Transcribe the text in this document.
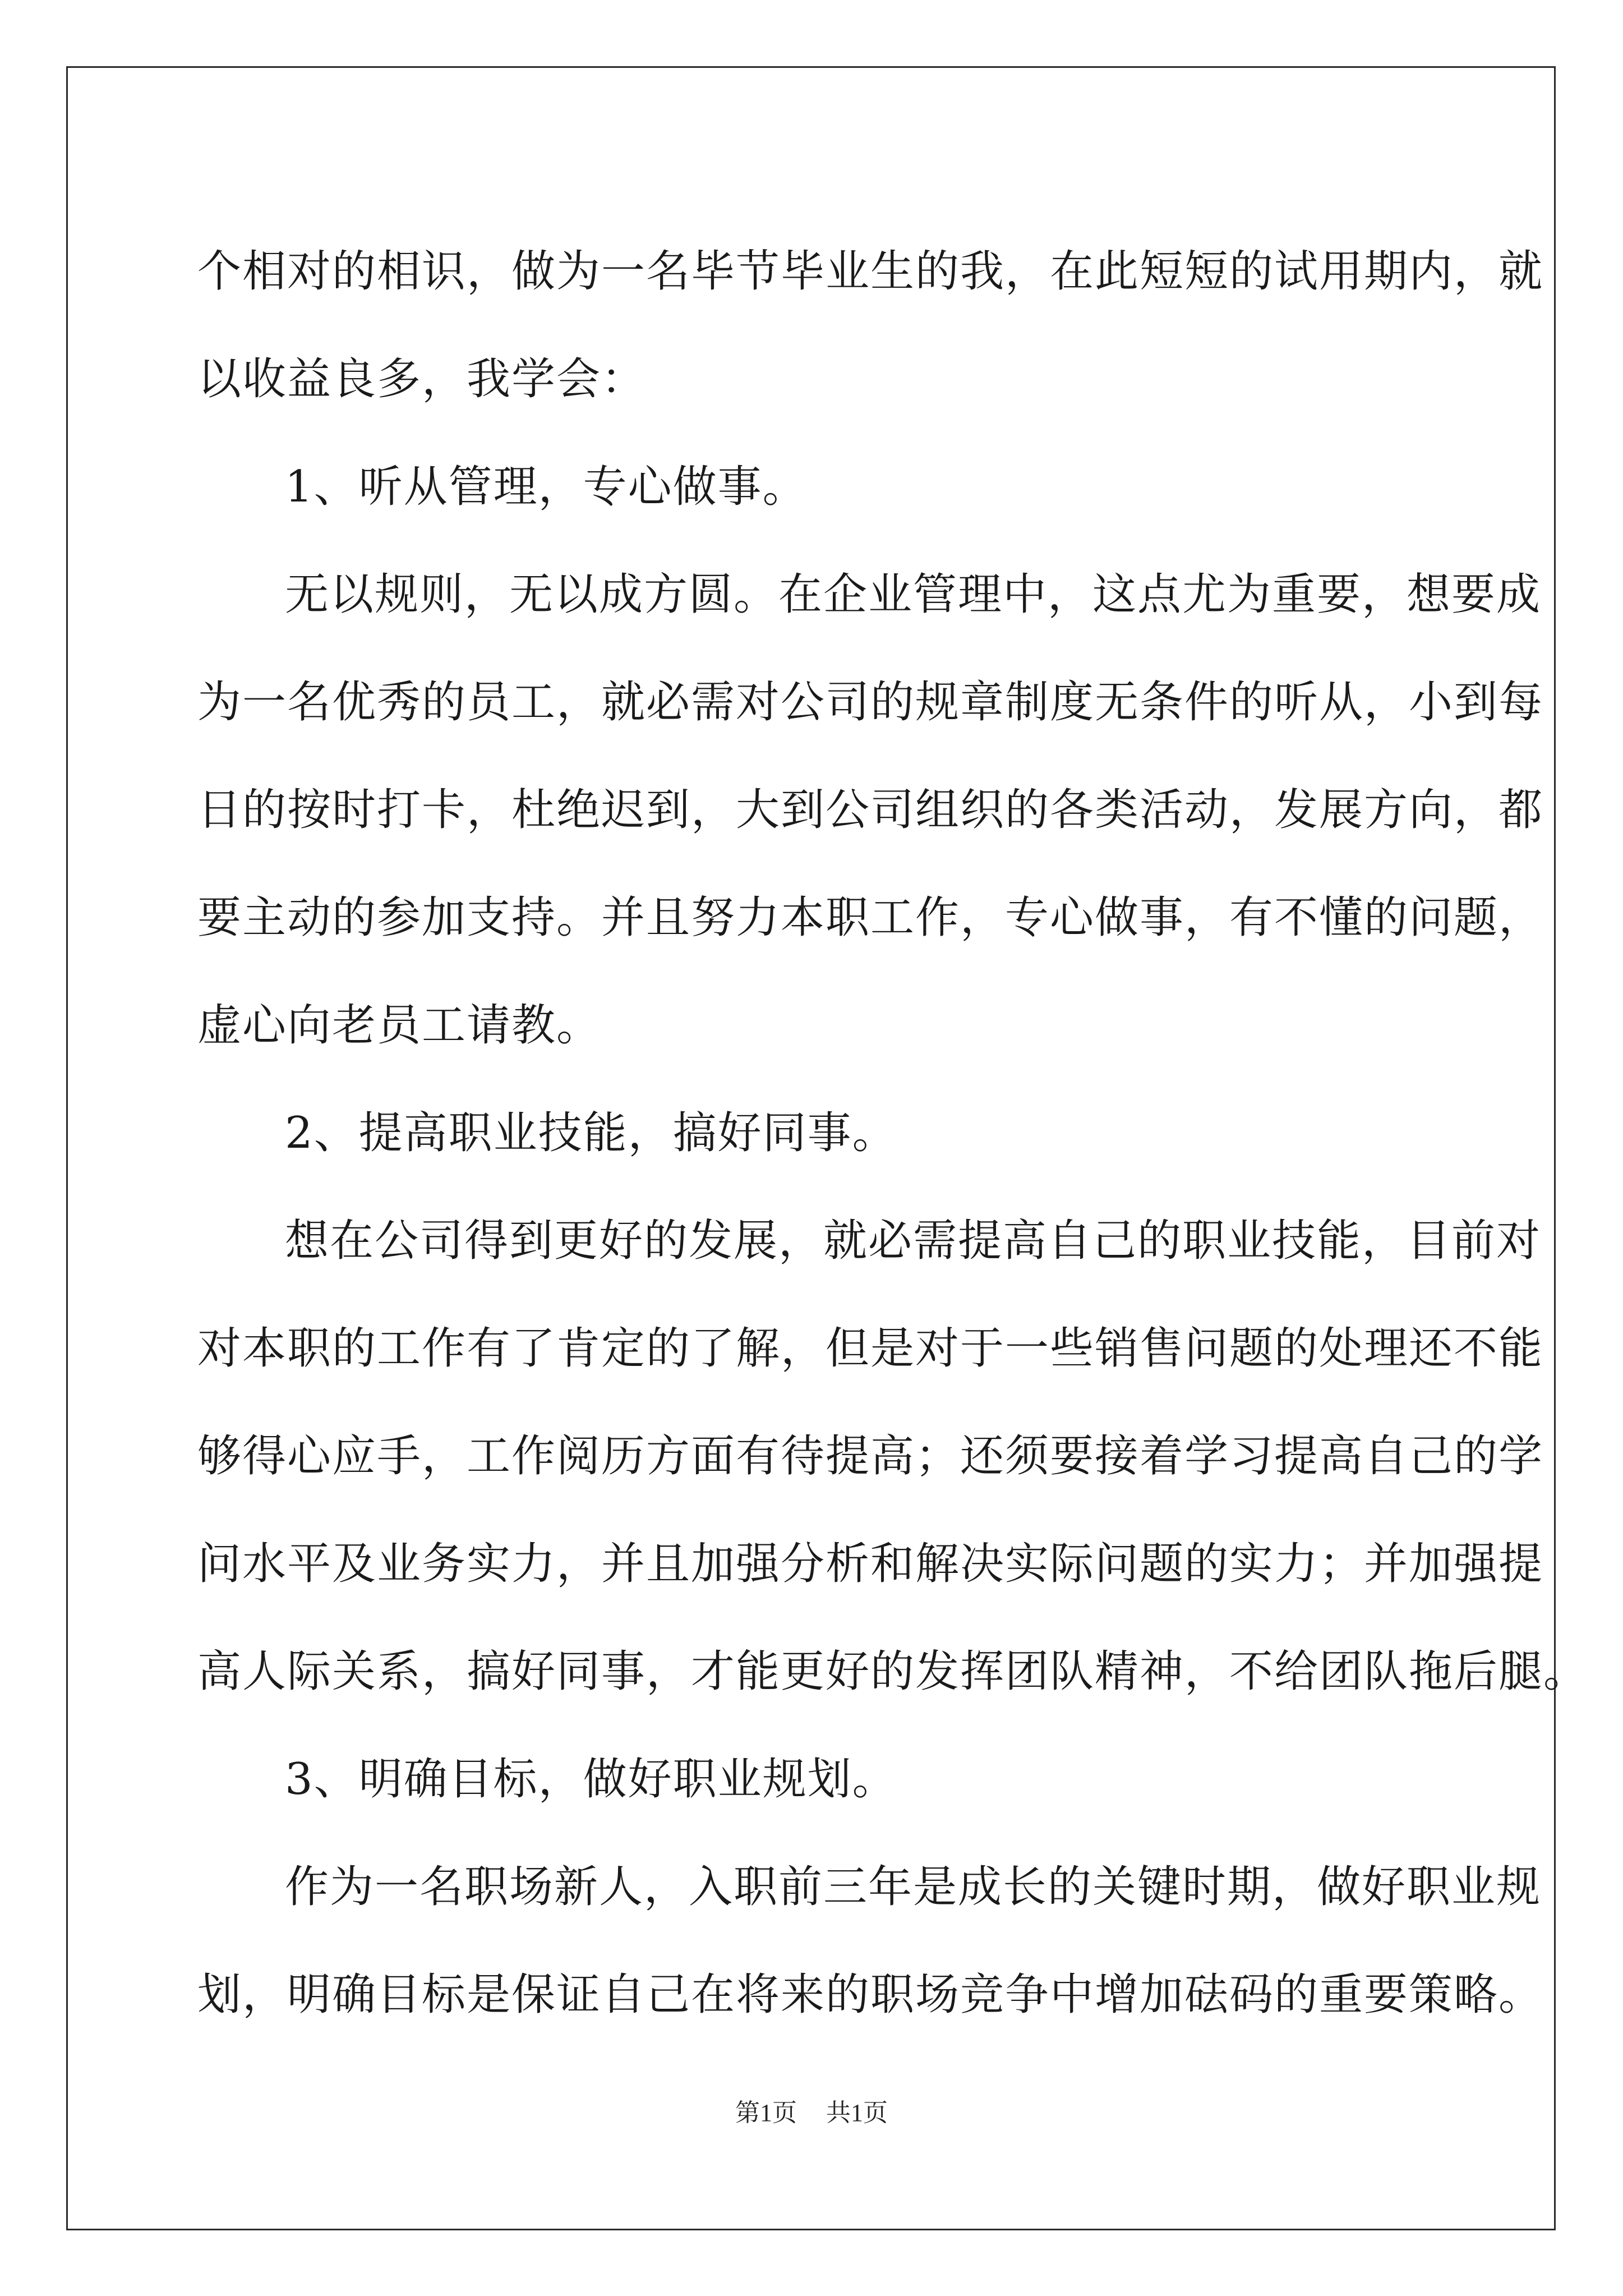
个相对的相识，做为一名毕节毕业生的我，在此短短的试用期内，就
以收益良多，我学会：
1、听从管理，专心做事。
无以规则，无以成方圆。在企业管理中，这点尤为重要，想要成
为一名优秀的员工，就必需对公司的规章制度无条件的听从，小到每
日的按时打卡，杜绝迟到，大到公司组织的各类活动，发展方向，都
要主动的参加支持。并且努力本职工作，专心做事，有不懂的问题，
虚心向老员工请教。
2、提高职业技能，搞好同事。
想在公司得到更好的发展，就必需提高自己的职业技能，目前对
对本职的工作有了肯定的了解，但是对于一些销售问题的处理还不能
够得心应手，工作阅历方面有待提高；还须要接着学习提高自己的学
问水平及业务实力，并且加强分析和解决实际问题的实力；并加强提
高人际关系，搞好同事，才能更好的发挥团队精神，不给团队拖后腿。
3、明确目标，做好职业规划。
作为一名职场新人，入职前三年是成长的关键时期，做好职业规
划，明确目标是保证自己在将来的职场竞争中增加砝码的重要策略。
第1页 共1页
